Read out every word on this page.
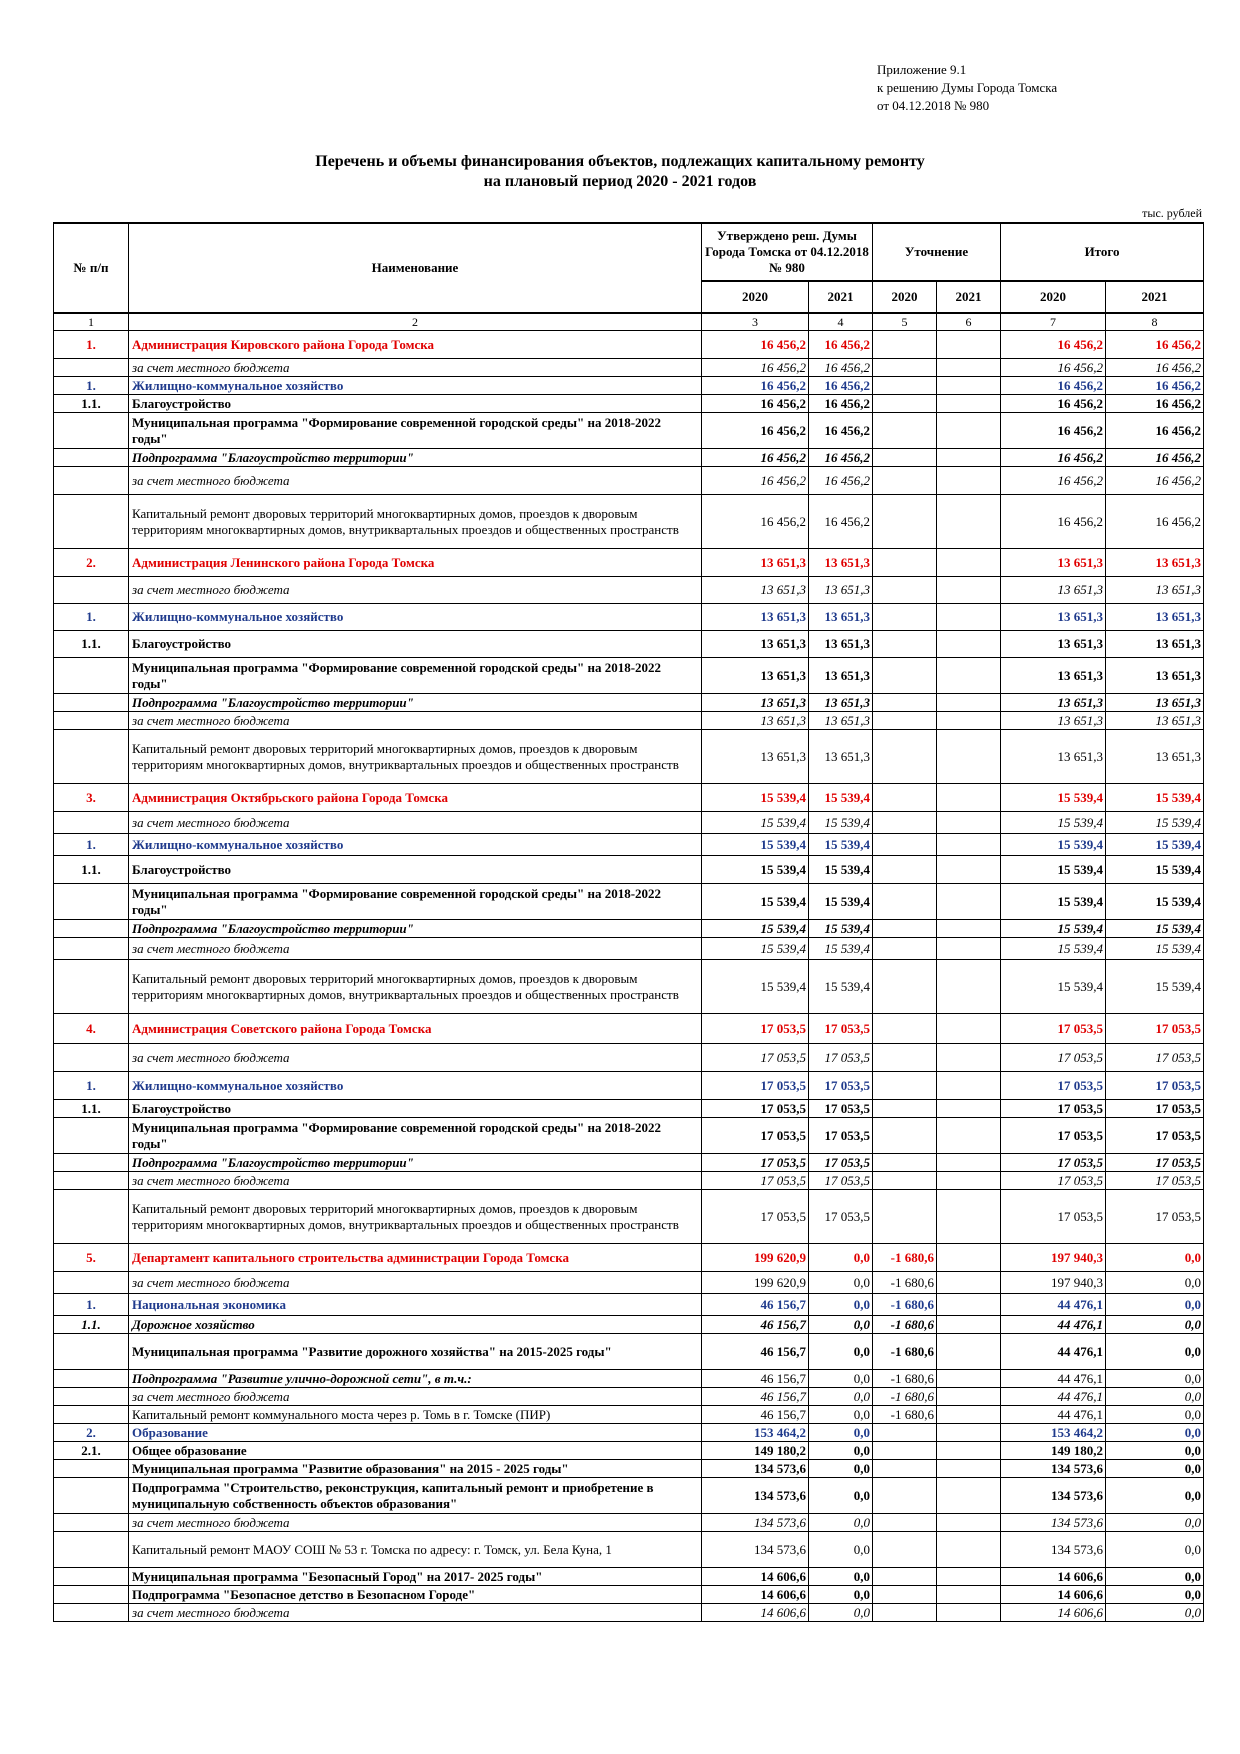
Приложение 9.1
к решению Думы Города Томска
от 04.12.2018 № 980
Перечень и объемы финансирования объектов, подлежащих капитальному ремонту
на плановый период 2020 - 2021 годов
тыс. рублей
№ п/п	Наименование	Утверждено реш. Думы Города Томска от 04.12.2018 № 980		Уточнение		Итого	
		2020	2021	2020	2021	2020	2021
1	2	3	4	5	6	7	8
1.	Администрация Кировского района Города Томска	16 456,2	16 456,2			16 456,2	16 456,2
	за счет местного бюджета	16 456,2	16 456,2			16 456,2	16 456,2
1.	Жилищно-коммунальное хозяйство	16 456,2	16 456,2			16 456,2	16 456,2
1.1.	Благоустройство	16 456,2	16 456,2			16 456,2	16 456,2
	Муниципальная программа "Формирование современной городской среды" на 2018-2022 годы"	16 456,2	16 456,2			16 456,2	16 456,2
	Подпрограмма "Благоустройство территории"	16 456,2	16 456,2			16 456,2	16 456,2
	за счет местного бюджета	16 456,2	16 456,2			16 456,2	16 456,2
	Капитальный ремонт дворовых территорий многоквартирных домов, проездов к дворовым территориям многоквартирных домов, внутриквартальных проездов и общественных пространств	16 456,2	16 456,2			16 456,2	16 456,2
2.	Администрация Ленинского района Города Томска	13 651,3	13 651,3			13 651,3	13 651,3
	за счет местного бюджета	13 651,3	13 651,3			13 651,3	13 651,3
1.	Жилищно-коммунальное хозяйство	13 651,3	13 651,3			13 651,3	13 651,3
1.1.	Благоустройство	13 651,3	13 651,3			13 651,3	13 651,3
	Муниципальная программа "Формирование современной городской среды" на 2018-2022 годы"	13 651,3	13 651,3			13 651,3	13 651,3
	Подпрограмма "Благоустройство территории"	13 651,3	13 651,3			13 651,3	13 651,3
	за счет местного бюджета	13 651,3	13 651,3			13 651,3	13 651,3
	Капитальный ремонт дворовых территорий многоквартирных домов, проездов к дворовым территориям многоквартирных домов, внутриквартальных проездов и общественных пространств	13 651,3	13 651,3			13 651,3	13 651,3
3.	Администрация Октябрьского района Города Томска	15 539,4	15 539,4			15 539,4	15 539,4
	за счет местного бюджета	15 539,4	15 539,4			15 539,4	15 539,4
1.	Жилищно-коммунальное хозяйство	15 539,4	15 539,4			15 539,4	15 539,4
1.1.	Благоустройство	15 539,4	15 539,4			15 539,4	15 539,4
	Муниципальная программа "Формирование современной городской среды" на 2018-2022 годы"	15 539,4	15 539,4			15 539,4	15 539,4
	Подпрограмма "Благоустройство территории"	15 539,4	15 539,4			15 539,4	15 539,4
	за счет местного бюджета	15 539,4	15 539,4			15 539,4	15 539,4
	Капитальный ремонт дворовых территорий многоквартирных домов, проездов к дворовым территориям многоквартирных домов, внутриквартальных проездов и общественных пространств	15 539,4	15 539,4			15 539,4	15 539,4
4.	Администрация Советского района Города Томска	17 053,5	17 053,5			17 053,5	17 053,5
	за счет местного бюджета	17 053,5	17 053,5			17 053,5	17 053,5
1.	Жилищно-коммунальное хозяйство	17 053,5	17 053,5			17 053,5	17 053,5
1.1.	Благоустройство	17 053,5	17 053,5			17 053,5	17 053,5
	Муниципальная программа "Формирование современной городской среды" на 2018-2022 годы"	17 053,5	17 053,5			17 053,5	17 053,5
	Подпрограмма "Благоустройство территории"	17 053,5	17 053,5			17 053,5	17 053,5
	за счет местного бюджета	17 053,5	17 053,5			17 053,5	17 053,5
	Капитальный ремонт дворовых территорий многоквартирных домов, проездов к дворовым территориям многоквартирных домов, внутриквартальных проездов и общественных пространств	17 053,5	17 053,5			17 053,5	17 053,5
5.	Департамент капитального строительства администрации Города Томска	199 620,9	0,0	-1 680,6		197 940,3	0,0
	за счет местного бюджета	199 620,9	0,0	-1 680,6		197 940,3	0,0
1.	Национальная экономика	46 156,7	0,0	-1 680,6		44 476,1	0,0
1.1.	Дорожное хозяйство	46 156,7	0,0	-1 680,6		44 476,1	0,0
	Муниципальная программа "Развитие дорожного хозяйства" на 2015-2025 годы"	46 156,7	0,0	-1 680,6		44 476,1	0,0
	Подпрограмма "Развитие улично-дорожной сети", в т.ч.:	46 156,7	0,0	-1 680,6		44 476,1	0,0
	за счет местного бюджета	46 156,7	0,0	-1 680,6		44 476,1	0,0
	Капитальный ремонт коммунального моста через р. Томь в г. Томске (ПИР)	46 156,7	0,0	-1 680,6		44 476,1	0,0
2.	Образование	153 464,2	0,0			153 464,2	0,0
2.1.	Общее образование	149 180,2	0,0			149 180,2	0,0
	Муниципальная программа "Развитие образования" на 2015 - 2025 годы"	134 573,6	0,0			134 573,6	0,0
	Подпрограмма "Строительство, реконструкция, капитальный ремонт и приобретение в муниципальную собственность объектов образования"	134 573,6	0,0			134 573,6	0,0
	за счет местного бюджета	134 573,6	0,0			134 573,6	0,0
	Капитальный ремонт МАОУ СОШ № 53 г. Томска по адресу: г. Томск, ул. Бела Куна, 1	134 573,6	0,0			134 573,6	0,0
	Муниципальная программа "Безопасный Город" на 2017- 2025 годы"	14 606,6	0,0			14 606,6	0,0
	Подпрограмма "Безопасное детство в Безопасном Городе"	14 606,6	0,0			14 606,6	0,0
	за счет местного бюджета	14 606,6	0,0			14 606,6	0,0
